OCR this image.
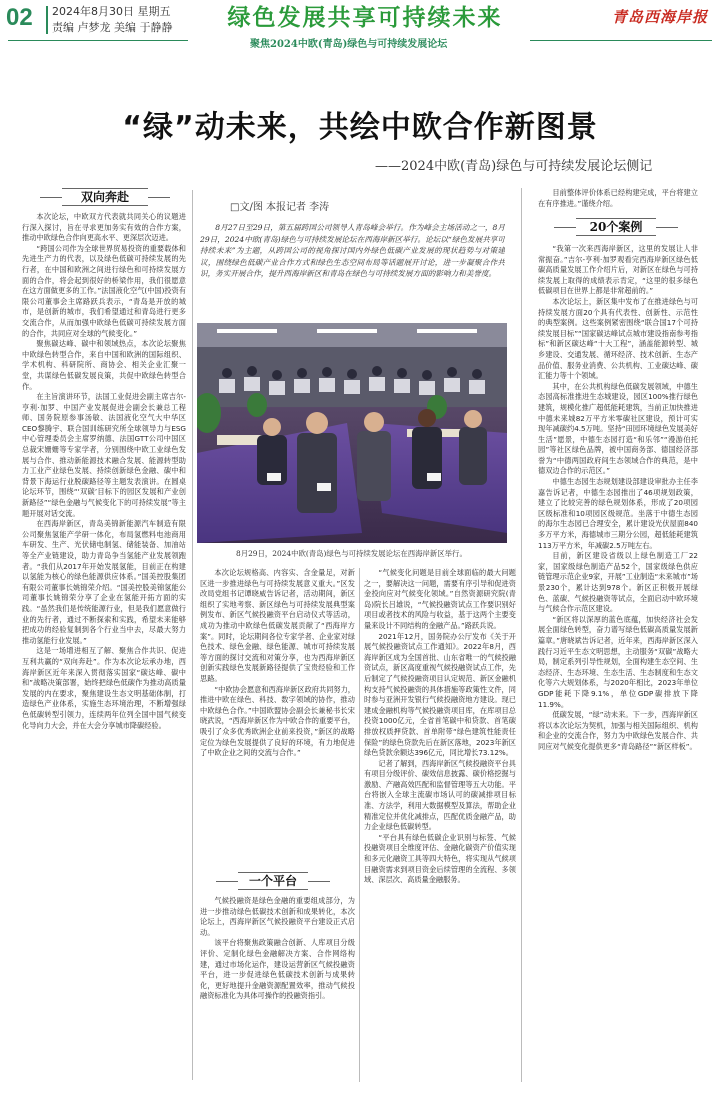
02 2024年8月30日 星期五
责编 卢梦龙 美编 于静静	绿色发展共享可持续未来
聚焦2024中欧(青岛)绿色与可持续发展论坛
青岛西海岸报
“绿”动未来，共绘中欧合作新图景
——2024中欧(青岛)绿色与可持续发展论坛侧记
双向奔赴

本次论坛，中欧双方代表就共同关心的议题进行深入探讨，旨在寻求更加务实有效的合作方案，推动中欧绿色合作向更高水平、更深层次迈进。

“跨国公司作为全球世界贸易投资的重要载体和先进生产力的代表，以及绿色低碳可持续发展的先行者，在中国和欧洲之间进行绿色和可持续发展方面的合作，将会起到很好的桥梁作用，我们很愿意在这方面做更多的工作。”法国液化空气(中国)投资有限公司董事会主席路跃兵表示，“青岛是开放的城市，是创新的城市，我们希望通过和青岛进行更多交流合作，从而加强中欧绿色低碳可持续发展方面的合作，共同应对全球的气候变化。”

聚焦碳达峰、碳中和领域热点，本次论坛聚焦中欧绿色转型合作，来自中国和欧洲的国际组织、学术机构、科研院所、商协会、相关企业汇聚一堂，共谋绿色低碳发展良策，共促中欧绿色转型合作。

在主旨演讲环节，法国工业促进会副主席吉尔-亨利·加罗、中国产业发展促进会副会长兼总工程师、国务院原参事汤敏、法国液化空气大中华区CEO黎腾宇、联合国训练研究所全球领导力与ESG中心管理委员会主席罗纳德、法国GTT公司中国区总裁宋姗姗等专家学者，分别围绕中欧工业绿色发展与合作、推动新能源技术融合发展、能源转型助力工业产业绿色发展、持续创新绿色金融、碳中和背景下海运行业脱碳路径等主题发表演讲。在圆桌论坛环节，围绕“‘双碳’目标下的园区发展和产业创新路径”“绿色金融与气候变化下的可持续发展”等主题开展对话交流。

在西海岸新区，青岛美锦新能源汽车制造有限公司聚焦氢能产学研一体化，布局氢燃料电池商用车研发、生产、光伏储电制氢、储能装备、加油站等全产业链建设，助力青岛争当氢能产业发展领跑者。“我们从2017年开始发展氢能，目前正在构建以氢能为核心的绿色能源供应体系。”国美控股集团有限公司董事长姚锦荣介绍。“国美控股美锦氢能公司董事长姚锦荣分享了企业在氢能开拓方面的实践。“虽然我们是传统能源行业，但是我们愿意做行业的先行者，通过不断探索和实践，希望未来能够把成功的经验复制到各个行业当中去，尽最大努力推动氢能行业发展。”

这是一场增进相互了解、聚焦合作共识、促进互利共赢的“双向奔赴”。作为本次论坛承办地，西海岸新区近年来深入贯彻落实国家“碳达峰、碳中和”战略决策部署，始终把绿色低碳作为推动高质量发展的内在要求，聚焦建设生态文明基础体制，打造绿色产业体系，实施生态环境治理，不断增强绿色低碳转型引领力，连续两年位列全国中国气候变化导向力大会，并在大会分享城市降碳经验。

□文/图 本报记者 李涛

8月27日至29日，第五届跨国公司领导人青岛峰会举行。作为峰会主场活动之一，8月29日，2024中欧(青岛)绿色与可持续发展论坛在西海岸新区举行。论坛以“绿色发展共享可持续未来”为主题，从跨国公司的视角探讨国内外绿色低碳产业发展的现状趋势与对策建议，围绕绿色低碳产业合作方式和绿色生态空间布局等话题展开讨论，进一步凝聚合作共识，务实开展合作，提升西海岸新区和青岛在绿色与可持续发展方面的影响力和美誉度。

8月29日，2024中欧(青岛)绿色与可持续发展论坛在西海岸新区举行。

本次论坛规格高、内容实、含金量足，对新区进一步推进绿色与可持续发展意义重大。”区发改局党组书记谭晓威告诉记者，活动期间，新区组织了实地考察、新区绿色与可持续发展典型案例发布、新区气候投融资平台启动仪式等活动，成功为推动中欧绿色低碳发展贡献了“西海岸方案”。同时，论坛期间各位专家学者、企业家对绿色技术、绿色金融、绿色能源、城市可持续发展等方面的探讨交流和对策分享，也为西海岸新区创新实践绿色发展新路径提供了宝贵经验和工作思路。

“中欧协会愿意和西海岸新区政府共同努力，推进中欧在绿色、科技、数字领域的协作，推动中欧绿色合作。”中国欧盟协会副会长兼秘书长宋晓武说，“西海岸新区作为中欧合作的重要平台，吸引了众多优秀欧洲企业前来投资，”新区的战略定位为绿色发展提供了良好的环境，有力地促进了中欧企业之间的交流与合作。”

一个平台

气候投融资是绿色金融的重要组成部分，为进一步推动绿色低碳技术创新和成果转化，本次论坛上，西海岸新区气候投融资平台建设正式启动。

该平台将聚焦政策融合创新、人库项目分级评价、定制化绿色金融解决方案、合作网络构建，通过市场化运作，建设运营新区气候投融资平台，进一步促进绿色低碳技术创新与成果转化，更好地提升金融资源配置效率，推动气候投融资标准化为具体可操作的投融资指引。

“气候变化问题是目前全球面临的最大问题之一，要解决这一问题，需要有序引导和促进资金投向应对气候变化领域。”自然资源研究院(青岛)院长吕雄说，“气候投融资试点工作要识别好项目或者技术的风险与收益，基于这两个主要变量来设计不同结构的金融产品。”路跃兵说。

2021年12月，国务院办公厅发布《关于开展气候投融资试点工作通知》。2022年8月，西海岸新区成为全国首批、山东省唯一的气候投融资试点，新区高度重视气候投融资试点工作，先后制定了气候投融资项目认定规范、新区金融机构支持气候投融资的具体措施等政策性文件，同时参与亚洲开发银行气候投融资地方建设。现已建成金融机构等气候投融资项目库，在库项目总投资1000亿元，全省首笔碳中和贷款、首笔碳排放权质押贷款、首单附带“绿色建筑性能责任保险”的绿色贷款先后在新区落地，2023年新区绿色贷款余额达396亿元，同比增长73.12%。

记者了解到，西海岸新区气候投融资平台具有项目分级评价、碳效信息披露、碳价格挖掘与激励、产融高效匹配和监督管理等五大功能。平台将嵌入全球主流碳市场认可的碳减排项目标准、方法学，利用大数据模型及算法，帮助企业精准定位并优化减排点，匹配优质金融产品，助力企业绿色低碳转型。

“平台具有绿色低碳企业识别与标签、气候投融资项目全维度评估、金融化碳资产价值实现和多元化融资工具等四大特色，将实现从气候项目融资需求到项目资金后续管理的全流程、多领域、深层次、高质量金融服务。

目前整体评价体系已经构建完成，平台将建立在有序推进。”谨绕介绍。

20个案例

“我第一次来西海岸新区，这里的发展让人非常振奋。”吉尔-亨利·加罗观看完西海岸新区绿色低碳高质量发展工作介绍片后，对新区在绿色与可持续发展上取得的成绩表示肯定，“这里的很多绿色低碳项目在世界上都是非常超前的。”

本次论坛上，新区集中发布了在推进绿色与可持续发展方面20个具有代表性、创新性、示范性的典型案例。这些案例紧密围绕“联合国17个可持续发展目标”“国家碳达峰试点城市建设指南参考指标”和新区碳达峰“十大工程”，涵盖能源转型、城乡建设、交通发展、循环经济、技术创新、生态产品价值、服务业消费、公共机构、工业碳达峰、碳汇能力等十个领域。

其中，在公共机构绿色低碳发展领域，中德生态园高标准推进生态城建设，园区100%推行绿色建筑，规模化推广超低能耗建筑，当前正加快推进中德未来城82万平方米零碳社区建设，预计可实现年减碳约4.5万吨。坚持“田园环境绿色发展美好生活”愿景，中德生态园打造“和乐邻”“漫游伯托园”等社区绿色品牌，被中国商务部、德国经济部誉为“中德两国政府间生态领域合作的典范，是中德双边合作的示范区。”

中德生态园生态规划建设部建设审批办主任李嘉告诉记者，中德生态园推出了46项规划政策，建立了比较完善的绿色规划体系，形成了20项园区级标准和10项园区级规范。坐落于中德生态园的海尔生态园已合理安全，累计建设光伏屋面840多万平方米，海德城市三期分公园，超低能耗建筑113万平方米，年减碳2.5万吨左右。

目前，新区建设省级以上绿色制造工厂22家，国家级绿色制造产品52个，国家级绿色供应链管理示范企业9家，开展”工业制造“未来城市”场景230个，累计达到978个。新区正积极开展绿色、蓝碳、气候投融资等试点，全面启动中欧环境与气候合作示范区建设。

“新区将以深厚的蓝色底蕴，加快经济社会发展全面绿色转型，奋力谱写绿色低碳高质量发展新篇章。”唐晓斌告诉记者，近年来，西海岸新区深入践行习近平生态文明思想，主动服务“双碳”战略大局，制定系列引导性规划，全面构建生态空间、生态经济、生态环境、生态生活、生态制度和生态文化等六大规划体系，与2020年相比，2023年单位GDP能耗下降9.1%，单位GDP碳排放下降11.9%。

低碳发展，“绿”动未来。下一步，西海岸新区将以本次论坛为契机，加强与相关国际组织、机构和企业的交流合作，努力为中欧绿色发展合作、共同应对气候变化提供更多“青岛路径”“新区样板”。
